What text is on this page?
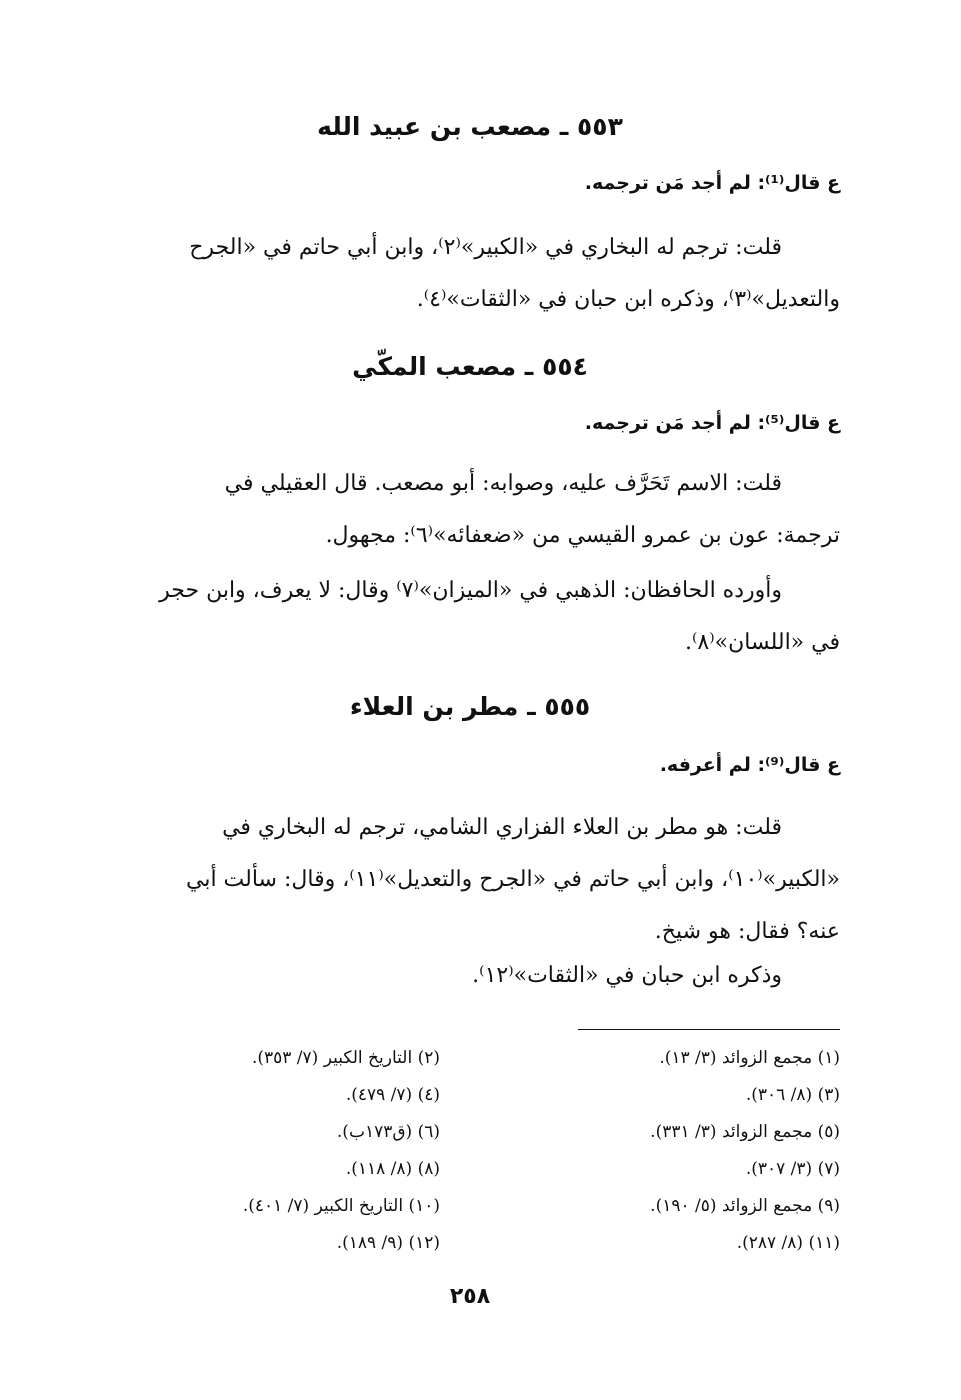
٥٥٣ ـ مصعب بن عبيد الله
ع قال⁽¹⁾: لم أجد مَن ترجمه.
قلت: ترجم له البخاري في «الكبير»⁽٢⁾، وابن أبي حاتم في «الجرح
والتعديل»⁽٣⁾، وذكره ابن حبان في «الثقات»⁽٤⁾.
٥٥٤ ـ مصعب المكّي
ع قال⁽⁵⁾: لم أجد مَن ترجمه.
قلت: الاسم تَحَرَّف عليه، وصوابه: أبو مصعب. قال العقيلي في
ترجمة: عون بن عمرو القيسي من «ضعفائه»⁽٦⁾: مجهول.
وأورده الحافظان: الذهبي في «الميزان»⁽٧⁾ وقال: لا يعرف، وابن حجر
في «اللسان»⁽٨⁾.
٥٥٥ ـ مطر بن العلاء
ع قال⁽⁹⁾: لم أعرفه.
قلت: هو مطر بن العلاء الفزاري الشامي، ترجم له البخاري في
«الكبير»⁽١٠⁾، وابن أبي حاتم في «الجرح والتعديل»⁽١١⁾، وقال: سألت أبي
عنه؟ فقال: هو شيخ.
وذكره ابن حبان في «الثقات»⁽١٢⁾.
(١) مجمع الزوائد (٣/ ١٣).
(٣) (٨/ ٣٠٦).
(٥) مجمع الزوائد (٣/ ٣٣١).
(٧) (٣/ ٣٠٧).
(٩) مجمع الزوائد (٥/ ١٩٠).
(١١) (٨/ ٢٨٧).
(٢) التاريخ الكبير (٧/ ٣٥٣).
(٤) (٧/ ٤٧٩).
(٦) (ق١٧٣ب).
(٨) (٨/ ١١٨).
(١٠) التاريخ الكبير (٧/ ٤٠١).
(١٢) (٩/ ١٨٩).
٢٥٨
